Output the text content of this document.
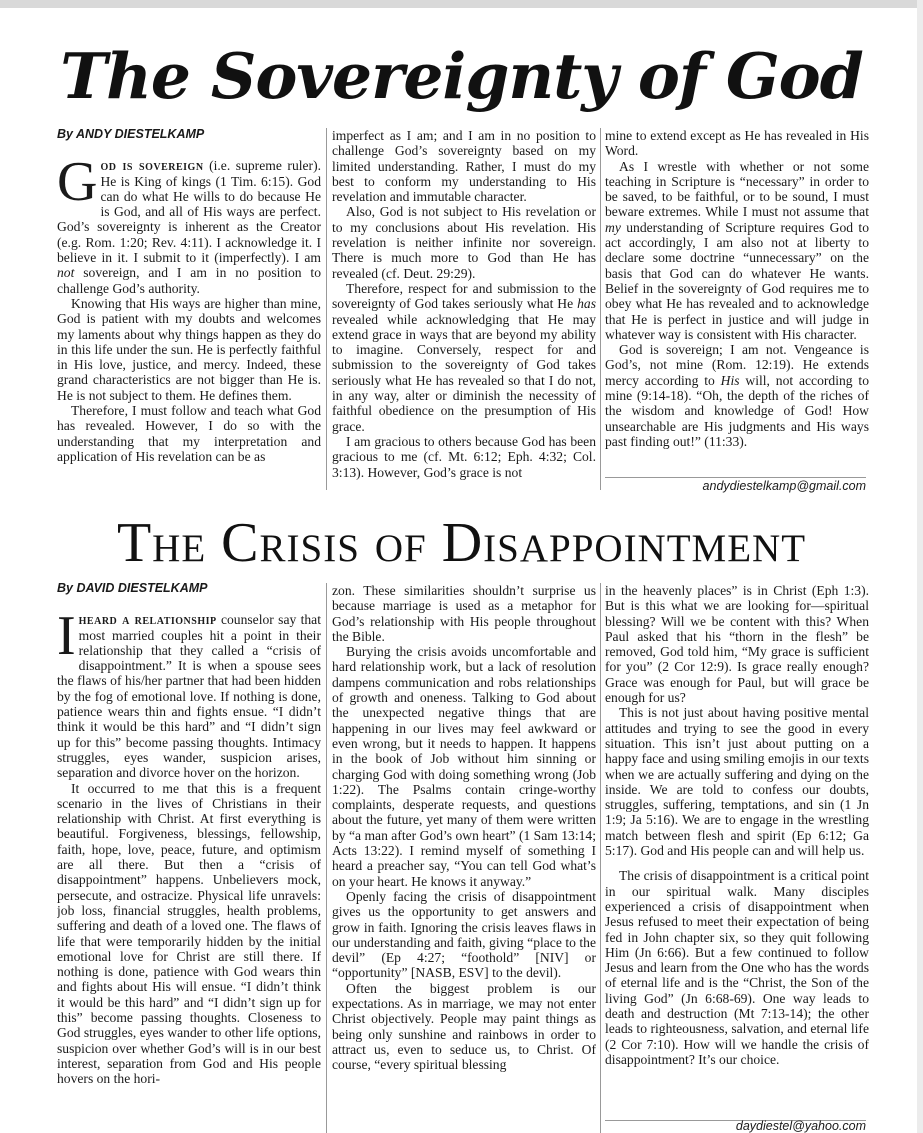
The Sovereignty of God
By ANDY DIESTELKAMP

God is sovereign (i.e. supreme ruler). He is King of kings (1 Tim. 6:15). God can do what He wills to do because He is God, and all of His ways are perfect. God’s sovereignty is inherent as the Creator (e.g. Rom. 1:20; Rev. 4:11). I acknowledge it. I believe in it. I submit to it (imperfectly). I am not sovereign, and I am in no position to challenge God’s authority.

Knowing that His ways are higher than mine, God is patient with my doubts and welcomes my laments about why things happen as they do in this life under the sun. He is perfectly faithful in His love, justice, and mercy. Indeed, these grand characteristics are not bigger than He is. He is not subject to them. He defines them.

Therefore, I must follow and teach what God has revealed. However, I do so with the understanding that my interpretation and application of His revelation can be as

imperfect as I am; and I am in no position to challenge God’s sovereignty based on my limited understanding. Rather, I must do my best to conform my understanding to His revelation and immutable character.

Also, God is not subject to His revelation or to my conclusions about His revelation. His revelation is neither infinite nor sovereign. There is much more to God than He has revealed (cf. Deut. 29:29).

Therefore, respect for and submission to the sovereignty of God takes seriously what He has revealed while acknowledging that He may extend grace in ways that are beyond my ability to imagine. Conversely, respect for and submission to the sovereignty of God takes seriously what He has revealed so that I do not, in any way, alter or diminish the necessity of faithful obedience on the presumption of His grace.

I am gracious to others because God has been gracious to me (cf. Mt. 6:12; Eph. 4:32; Col. 3:13). However, God’s grace is not

mine to extend except as He has revealed in His Word.

As I wrestle with whether or not some teaching in Scripture is “necessary” in order to be saved, to be faithful, or to be sound, I must beware extremes. While I must not assume that my understanding of Scripture requires God to act accordingly, I am also not at liberty to declare some doctrine “unnecessary” on the basis that God can do whatever He wants. Belief in the sovereignty of God requires me to obey what He has revealed and to acknowledge that He is perfect in justice and will judge in whatever way is consistent with His character.

God is sovereign; I am not. Vengeance is God’s, not mine (Rom. 12:19). He extends mercy according to His will, not according to mine (9:14-18). “Oh, the depth of the riches of the wisdom and knowledge of God! How unsearchable are His judgments and His ways past finding out!” (11:33).

andydiestelkamp@gmail.com
The Crisis of Disappointment
By DAVID DIESTELKAMP

Iheard a relationship counselor say that most married couples hit a point in their relationship that they called a “crisis of disappointment.” It is when a spouse sees the flaws of his/her partner that had been hidden by the fog of emotional love. If nothing is done, patience wears thin and fights ensue. “I didn’t think it would be this hard” and “I didn’t sign up for this” become passing thoughts. Intimacy struggles, eyes wander, suspicion arises, separation and divorce hover on the horizon.

It occurred to me that this is a frequent scenario in the lives of Christians in their relationship with Christ. At first everything is beautiful. Forgiveness, blessings, fellowship, faith, hope, love, peace, future, and optimism are all there. But then a “crisis of disappointment” happens. Unbelievers mock, persecute, and ostracize. Physical life unravels: job loss, financial struggles, health problems, suffering and death of a loved one. The flaws of life that were temporarily hidden by the initial emotional love for Christ are still there. If nothing is done, patience with God wears thin and fights about His will ensue. “I didn’t think it would be this hard” and “I didn’t sign up for this” become passing thoughts. Closeness to God struggles, eyes wander to other life options, suspicion over whether God’s will is in our best interest, separation from God and His people hovers on the hori-

zon. These similarities shouldn’t surprise us because marriage is used as a metaphor for God’s relationship with His people throughout the Bible.

Burying the crisis avoids uncomfortable and hard relationship work, but a lack of resolution dampens communication and robs relationships of growth and oneness. Talking to God about the unexpected negative things that are happening in our lives may feel awkward or even wrong, but it needs to happen. It happens in the book of Job without him sinning or charging God with doing something wrong (Job 1:22). The Psalms contain cringe-worthy complaints, desperate requests, and questions about the future, yet many of them were written by “a man after God’s own heart” (1 Sam 13:14; Acts 13:22). I remind myself of something I heard a preacher say, “You can tell God what’s on your heart. He knows it anyway.”

Openly facing the crisis of disappointment gives us the opportunity to get answers and grow in faith. Ignoring the crisis leaves flaws in our understanding and faith, giving “place to the devil” (Ep 4:27; “foothold” [NIV] or “opportunity” [NASB, ESV] to the devil).

Often the biggest problem is our expectations. As in marriage, we may not enter Christ objectively. People may paint things as being only sunshine and rainbows in order to attract us, even to seduce us, to Christ. Of course, “every spiritual blessing

in the heavenly places” is in Christ (Eph 1:3). But is this what we are looking for—spiritual blessing? Will we be content with this? When Paul asked that his “thorn in the flesh” be removed, God told him, “My grace is sufficient for you” (2 Cor 12:9). Is grace really enough? Grace was enough for Paul, but will grace be enough for us?

This is not just about having positive mental attitudes and trying to see the good in every situation. This isn’t just about putting on a happy face and using smiling emojis in our texts when we are actually suffering and dying on the inside. We are told to confess our doubts, struggles, suffering, temptations, and sin (1 Jn 1:9; Ja 5:16). We are to engage in the wrestling match between flesh and spirit (Ep 6:12; Ga 5:17). God and His people can and will help us.

The crisis of disappointment is a critical point in our spiritual walk. Many disciples experienced a crisis of disappointment when Jesus refused to meet their expectation of being fed in John chapter six, so they quit following Him (Jn 6:66). But a few continued to follow Jesus and learn from the One who has the words of eternal life and is the “Christ, the Son of the living God” (Jn 6:68-69). One way leads to death and destruction (Mt 7:13-14); the other leads to righteousness, salvation, and eternal life (2 Cor 7:10). How will we handle the crisis of disappointment? It’s our choice.

daydiestel@yahoo.com
